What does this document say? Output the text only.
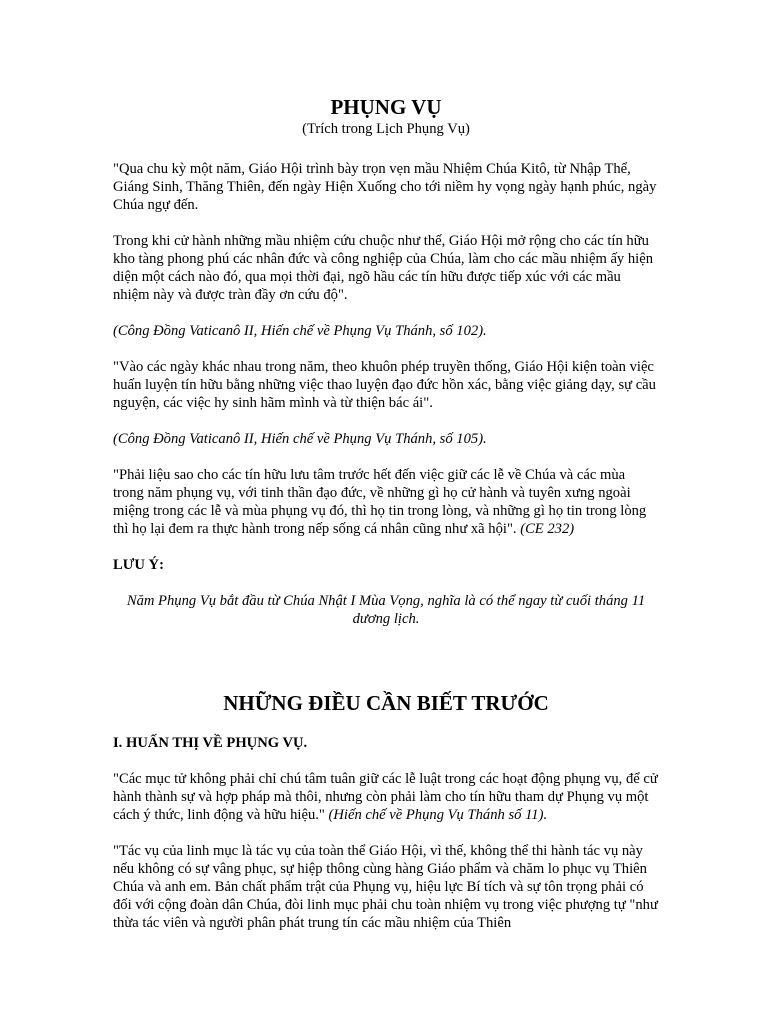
PHỤNG VỤ
(Trích trong Lịch Phụng Vụ)

"Qua chu kỳ một năm, Giáo Hội trình bày trọn vẹn mầu Nhiệm Chúa Kitô, từ Nhập Thể, Giáng Sinh, Thăng Thiên, đến ngày Hiện Xuống cho tới niềm hy vọng ngày hạnh phúc, ngày Chúa ngự đến.

Trong khi cử hành những mầu nhiệm cứu chuộc như thế, Giáo Hội mở rộng cho các tín hữu kho tàng phong phú các nhân đức và công nghiệp của Chúa, làm cho các mầu nhiệm ấy hiện diện một cách nào đó, qua mọi thời đại, ngõ hầu các tín hữu được tiếp xúc với các mầu nhiệm này và được tràn đầy ơn cứu độ".

(Công Đồng Vaticanô II, Hiến chế về Phụng Vụ Thánh, số 102).

"Vào các ngày khác nhau trong năm, theo khuôn phép truyền thống, Giáo Hội kiện toàn việc huấn luyện tín hữu bằng những việc thao luyện đạo đức hồn xác, bằng việc giảng dạy, sự cầu nguyện, các việc hy sinh hãm mình và từ thiện bác ái".

(Công Đồng Vaticanô II, Hiến chế về Phụng Vụ Thánh, số 105).

"Phải liệu sao cho các tín hữu lưu tâm trước hết đến việc giữ các lễ về Chúa và các mùa trong năm phụng vụ, với tinh thần đạo đức, về những gì họ cử hành và tuyên xưng ngoài miệng trong các lễ và mùa phụng vụ đó, thì họ tin trong lòng, và những gì họ tin trong lòng thì họ lại đem ra thực hành trong nếp sống cá nhân cũng như xã hội". (CE 232)

LƯU Ý:

Năm Phụng Vụ bắt đầu từ Chúa Nhật I Mùa Vọng, nghĩa là có thể ngay từ cuối tháng 11 dương lịch.

NHỮNG ĐIỀU CẦN BIẾT TRƯỚC
I. HUẤN THỊ VỀ PHỤNG VỤ.

"Các mục tử không phải chỉ chú tâm tuân giữ các lễ luật trong các hoạt động phụng vụ, để cử hành thành sự và hợp pháp mà thôi, nhưng còn phải làm cho tín hữu tham dự Phụng vụ một cách ý thức, linh động và hữu hiệu." (Hiến chế về Phụng Vụ Thánh số 11).

"Tác vụ của linh mục là tác vụ của toàn thể Giáo Hội, vì thế, không thể thi hành tác vụ này nếu không có sự vâng phục, sự hiệp thông cùng hàng Giáo phẩm và chăm lo phục vụ Thiên Chúa và anh em. Bản chất phẩm trật của Phụng vụ, hiệu lực Bí tích và sự tôn trọng phải có đối với cộng đoàn dân Chúa, đòi linh mục phải chu toàn nhiệm vụ trong việc phượng tự "như thừa tác viên và người phân phát trung tín các mầu nhiệm của Thiên
